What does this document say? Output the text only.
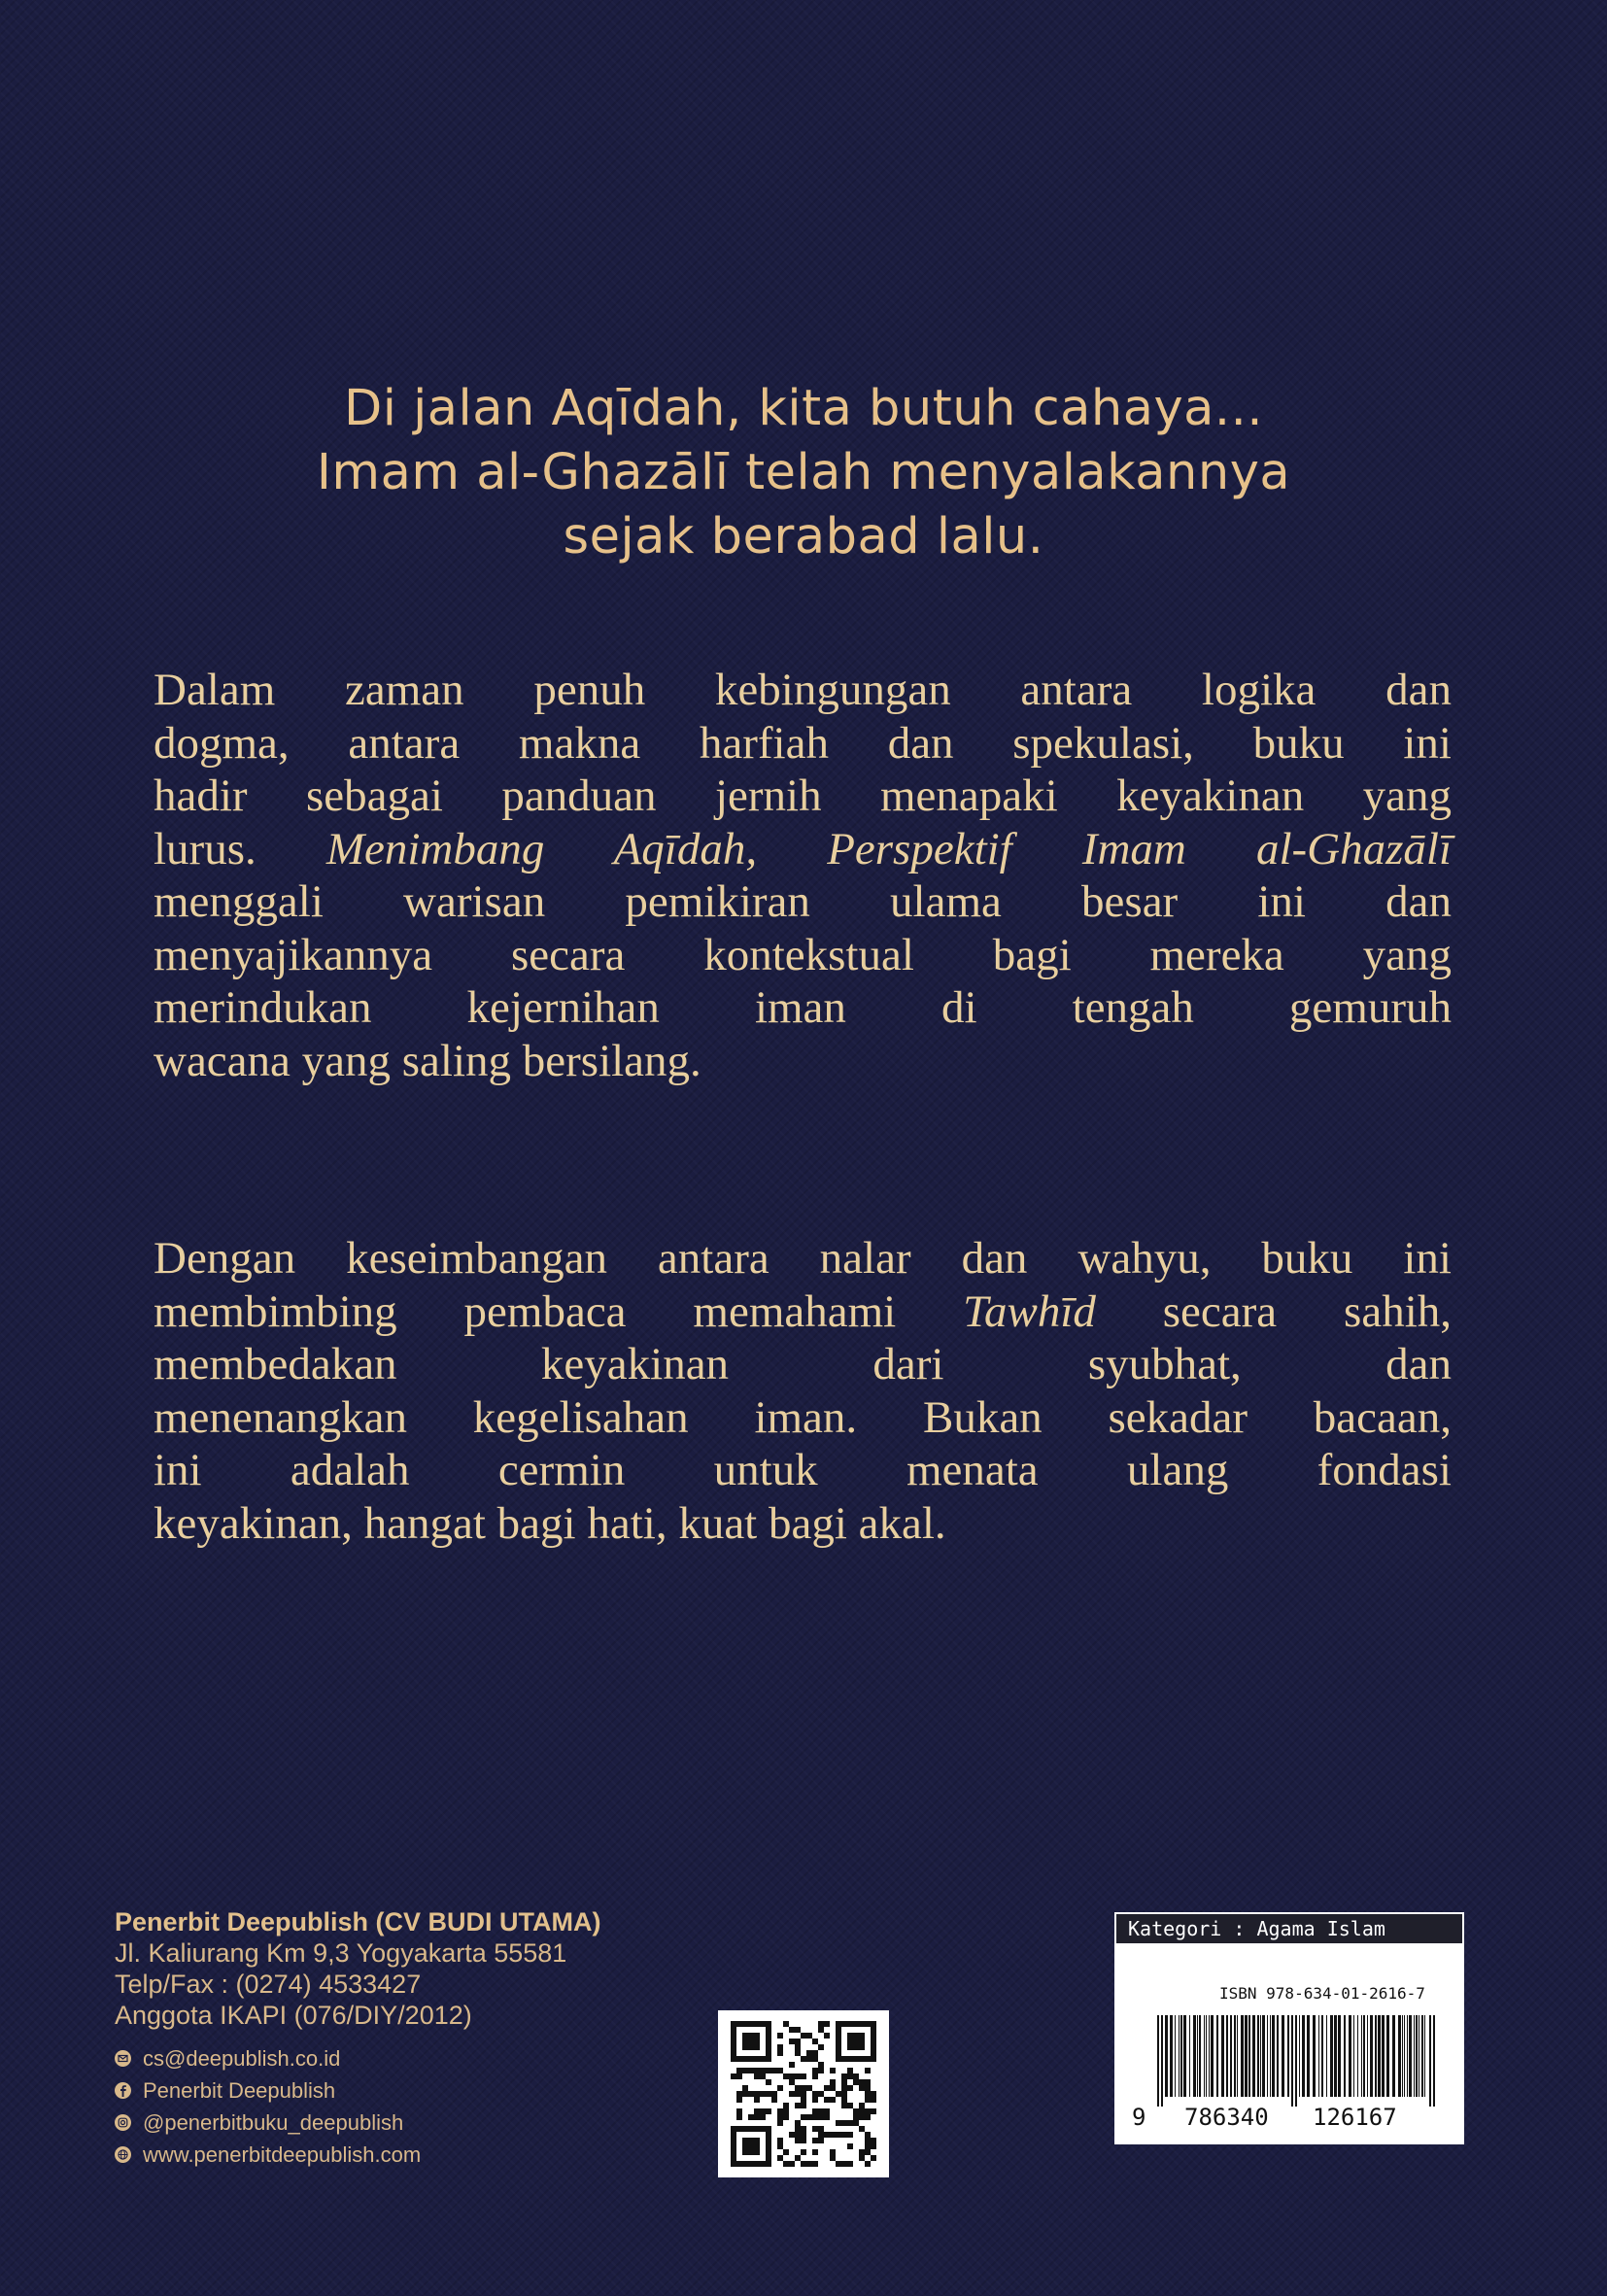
Di jalan Aqīdah, kita butuh cahaya...
Imam al-Ghazālī telah menyalakannya
sejak berabad lalu.
Dalam zaman penuh kebingungan antara logika dan
dogma, antara makna harfiah dan spekulasi, buku ini
hadir sebagai panduan jernih menapaki keyakinan yang
lurus. Menimbang Aqīdah, Perspektif Imam al-Ghazālī
menggali warisan pemikiran ulama besar ini dan
menyajikannya secara kontekstual bagi mereka yang
merindukan kejernihan iman di tengah gemuruh
wacana yang saling bersilang.
Dengan keseimbangan antara nalar dan wahyu, buku ini
membimbing pembaca memahami Tawhīd secara sahih,
membedakan keyakinan dari syubhat, dan
menenangkan kegelisahan iman. Bukan sekadar bacaan,
ini adalah cermin untuk menata ulang fondasi
keyakinan, hangat bagi hati, kuat bagi akal.
Penerbit Deepublish (CV BUDI UTAMA)
Jl. Kaliurang Km 9,3 Yogyakarta 55581
Telp/Fax : (0274) 4533427
Anggota IKAPI (076/DIY/2012)
cs@deepublish.co.id
Penerbit Deepublish
@penerbitbuku_deepublish
www.penerbitdeepublish.com
Kategori : Agama Islam
ISBN 978-634-01-2616-7
9 786340 126167
